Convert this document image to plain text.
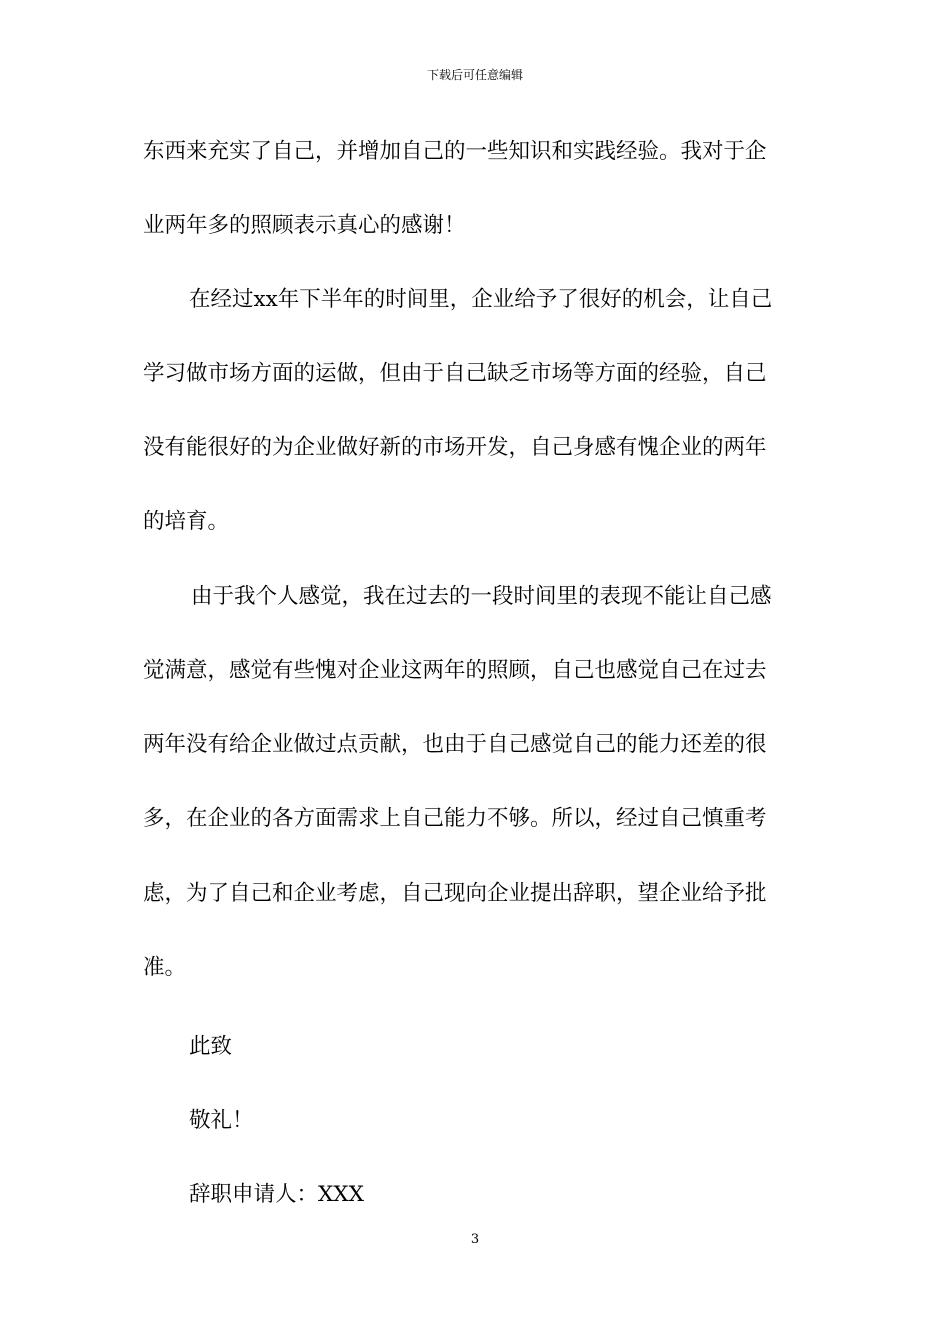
下载后可任意编辑
东西来充实了自己，并增加自己的一些知识和实践经验。我对于企
业两年多的照顾表示真心的感谢！
在经过xx年下半年的时间里，企业给予了很好的机会，让自己
学习做市场方面的运做，但由于自己缺乏市场等方面的经验，自己
没有能很好的为企业做好新的市场开发，自己身感有愧企业的两年
的培育。
由于我个人感觉，我在过去的一段时间里的表现不能让自己感
觉满意，感觉有些愧对企业这两年的照顾，自己也感觉自己在过去
两年没有给企业做过点贡献，也由于自己感觉自己的能力还差的很
多，在企业的各方面需求上自己能力不够。所以，经过自己慎重考
虑，为了自己和企业考虑，自己现向企业提出辞职，望企业给予批
准。
此致
敬礼！
辞职申请人：XXX
3
